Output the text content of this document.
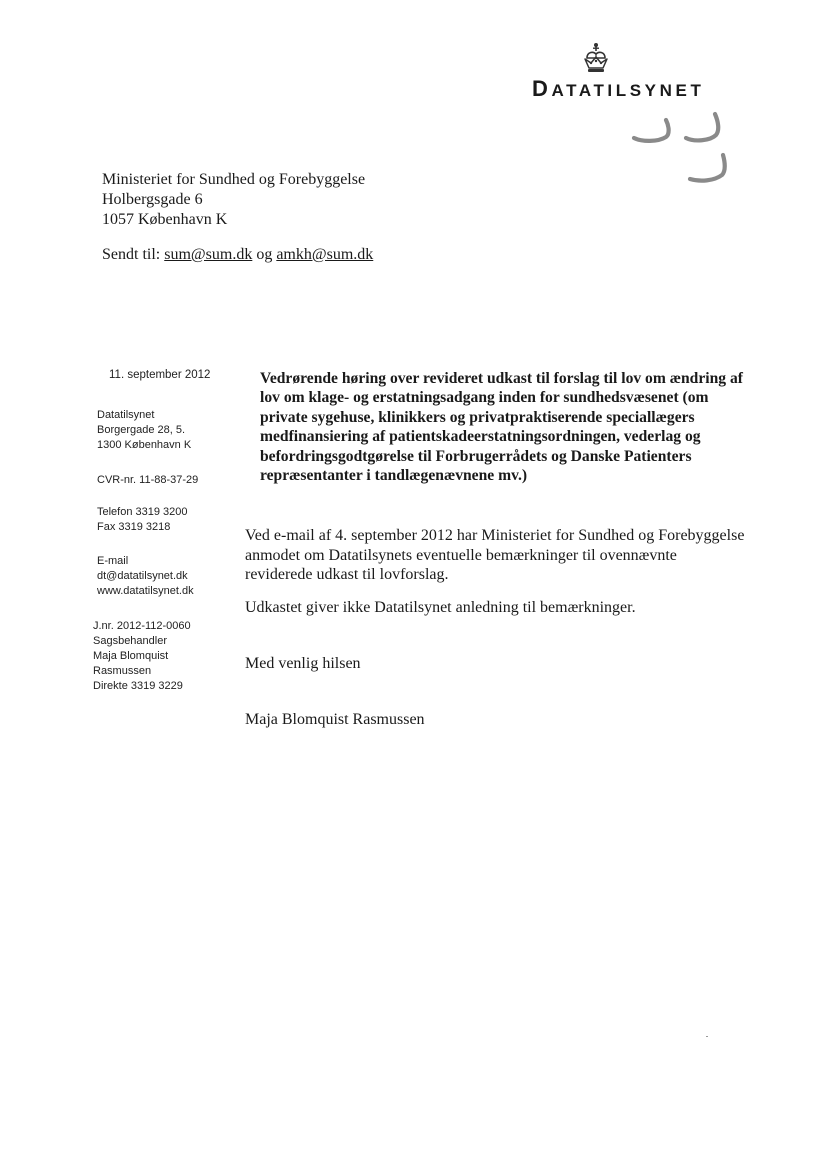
DATATILSYNET
Ministeriet for Sundhed og Forebyggelse
Holbergsgade 6
1057 København K
Sendt til: sum@sum.dk og amkh@sum.dk
11. september 2012
Datatilsynet
Borgergade 28, 5.
1300 København K
CVR-nr. 11-88-37-29
Telefon 3319 3200
Fax 3319 3218
E-mail
dt@datatilsynet.dk
www.datatilsynet.dk
J.nr. 2012-112-0060
Sagsbehandler
Maja Blomquist
Rasmussen
Direkte 3319 3229
Vedrørende høring over revideret udkast til forslag til lov om ændring af
lov om klage- og erstatningsadgang inden for sundhedsvæsenet (om
private sygehuse, klinikkers og privatpraktiserende speciallægers
medfinansiering af patientskadeerstatningsordningen, vederlag og
befordringsgodtgørelse til Forbrugerrådets og Danske Patienters
repræsentanter i tandlægenævnene mv.)
Ved e-mail af 4. september 2012 har Ministeriet for Sundhed og Forebyggelse
anmodet om Datatilsynets eventuelle bemærkninger til ovennævnte
reviderede udkast til lovforslag.
Udkastet giver ikke Datatilsynet anledning til bemærkninger.
Med venlig hilsen
Maja Blomquist Rasmussen
